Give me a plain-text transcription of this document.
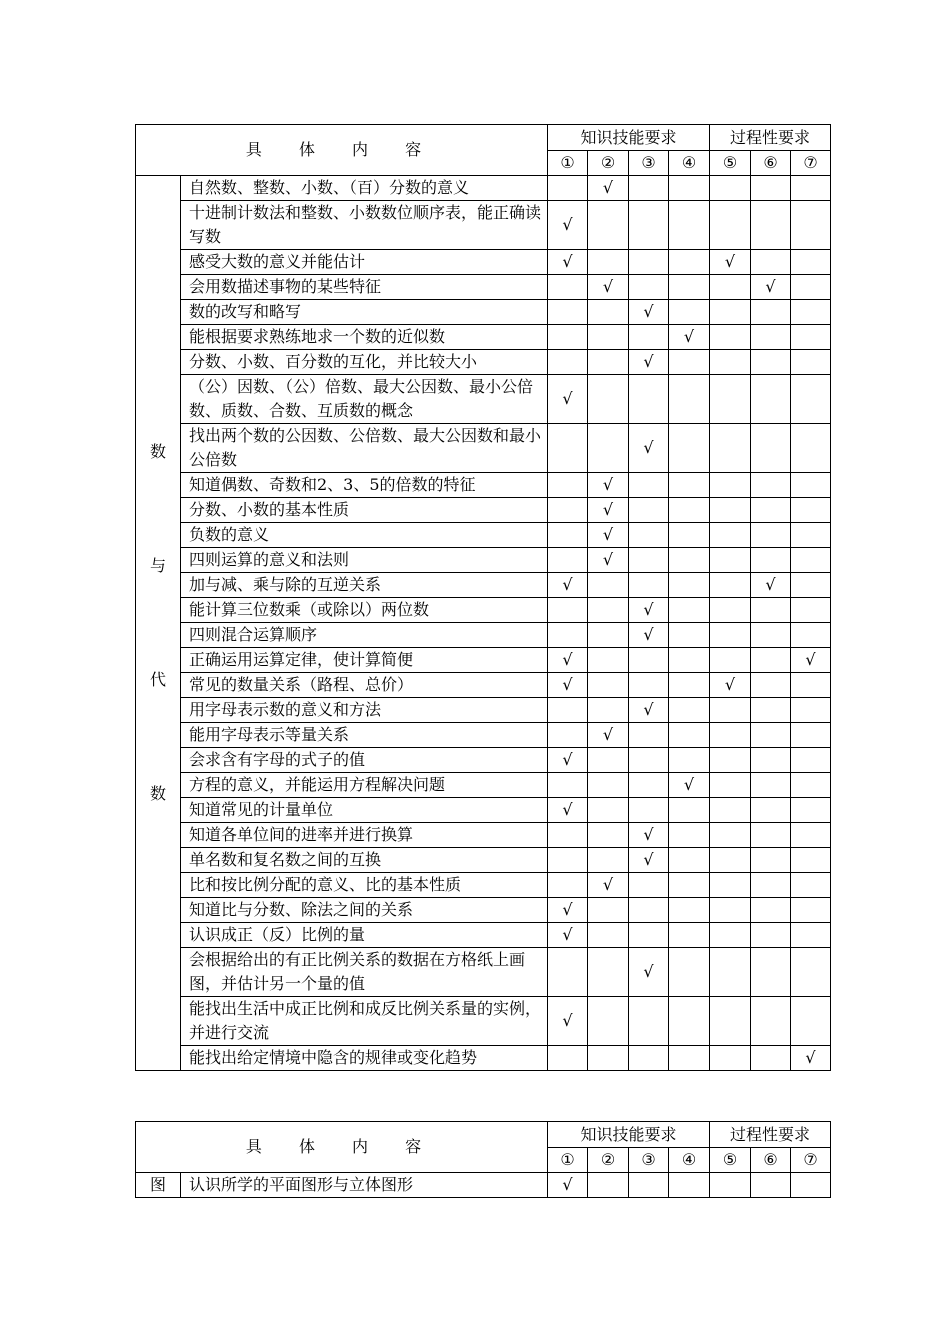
具 体 内 容		知识技能要求				过程性要求		
		①	②	③	④	⑤	⑥	⑦

数
与
代
数	自然数、整数、小数、（百）分数的意义		√					
	十进制计数法和整数、小数数位顺序表，能正确读写数	√						
	感受大数的意义并能估计	√				√		
	会用数描述事物的某些特征		√				√	
	数的改写和略写			√				
	能根据要求熟练地求一个数的近似数				√			
	分数、小数、百分数的互化，并比较大小			√				
	（公）因数、（公）倍数、最大公因数、最小公倍数、质数、合数、互质数的概念	√						
	找出两个数的公因数、公倍数、最大公因数和最小公倍数			√				
	知道偶数、奇数和2、3、5的倍数的特征		√					
	分数、小数的基本性质		√					
	负数的意义		√					
	四则运算的意义和法则		√					
	加与减、乘与除的互逆关系	√					√	
	能计算三位数乘（或除以）两位数			√				
	四则混合运算顺序			√				
	正确运用运算定律，使计算简便	√						√
	常见的数量关系（路程、总价）	√				√		
	用字母表示数的意义和方法			√				
	能用字母表示等量关系		√					
	会求含有字母的式子的值	√						
	方程的意义，并能运用方程解决问题				√			
	知道常见的计量单位	√						
	知道各单位间的进率并进行换算			√				
	单名数和复名数之间的互换			√				
	比和按比例分配的意义、比的基本性质		√					
	知道比与分数、除法之间的关系	√						
	认识成正（反）比例的量	√						
	会根据给出的有正比例关系的数据在方格纸上画图，并估计另一个量的值			√				
	能找出生活中成正比例和成反比例关系量的实例，并进行交流	√						
	能找出给定情境中隐含的规律或变化趋势							√
具 体 内 容		知识技能要求				过程性要求		
		①	②	③	④	⑤	⑥	⑦
图	认识所学的平面图形与立体图形	√						
